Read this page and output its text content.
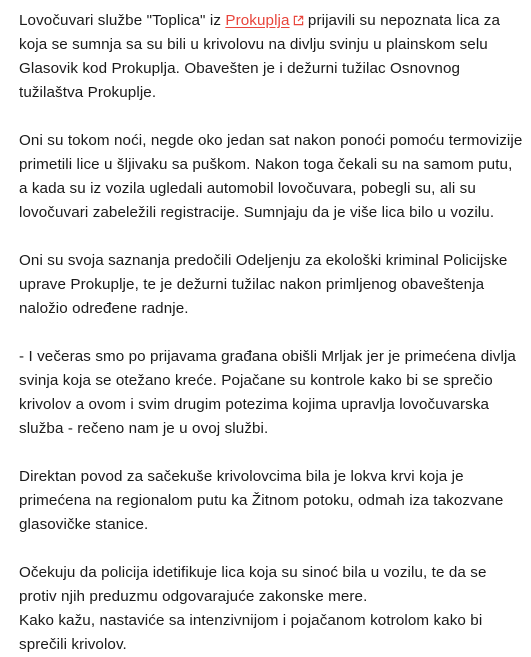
Lovočuvari službe "Toplica" iz Prokuplja prijavili su nepoznata lica za koja se sumnja sa su bili u krivolovu na divlju svinju u plainskom selu Glasovik kod Prokuplja. Obavešten je i dežurni tužilac Osnovnog tužilaštva Prokuplje.

Oni su tokom noći, negde oko jedan sat nakon ponoći pomoću termovizije primetili lice u šljivaku sa puškom. Nakon toga čekali su na samom putu, a kada su iz vozila ugledali automobil lovočuvara, pobegli su, ali su lovočuvari zabeležili registracije. Sumnjaju da je više lica bilo u vozilu.

Oni su svoja saznanja predočili Odeljenju za ekološki kriminal Policijske uprave Prokuplje, te je dežurni tužilac nakon primljenog obaveštenja naložio određene radnje.

- I večeras smo po prijavama građana obišli Mrljak jer je primećena divlja svinja koja se otežano kreće. Pojačane su kontrole kako bi se sprečio krivolov a ovom i svim drugim potezima kojima upravlja lovočuvarska služba - rečeno nam je u ovoj službi.

Direktan povod za sačekuše krivolovcima bila je lokva krvi koja je primećena na regionalom putu ka Žitnom potoku, odmah iza takozvane glasovičke stanice.

Očekuju da policija idetifikuje lica koja su sinoć bila u vozilu, te da se protiv njih preduzmu odgovarajuće zakonske mere.

Kako kažu, nastaviće sa intenzivnijom i pojačanom kotrolom kako bi sprečili krivolov.
